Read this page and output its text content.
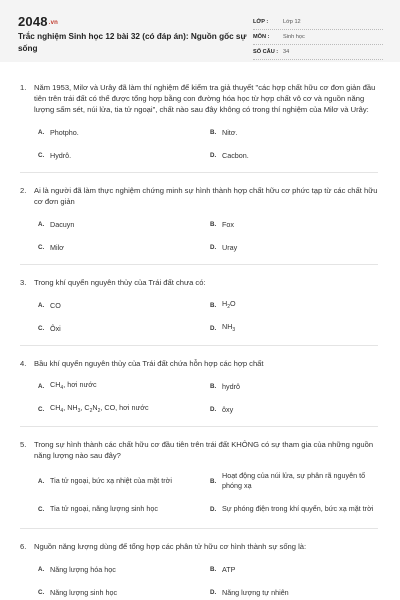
2048.vn
Trắc nghiệm Sinh học 12 bài 32 (có đáp án): Nguồn gốc sự sống
LỚP :	Lớp 12
MÔN :	Sinh học
SỐ CÂU : 34
1.	Năm 1953, Milơ và Urây đã làm thí nghiệm để kiểm tra giả thuyết "các hợp chất hữu cơ đơn giản đầu tiên trên trái đất có thể được tổng hợp bằng con đường hóa học từ hợp chất vô cơ và nguồn năng lượng sấm sét, núi lửa, tia tử ngoại", chất nào sau đây không có trong thí nghiệm của Milơ và Urây:
A. Photpho.	B. Nitơ.
C. Hydrô.	D. Cacbon.
2.	Ai là người đã làm thực nghiệm chứng minh sự hình thành hợp chất hữu cơ phức tạp từ các chất hữu cơ đơn giản
A. Dacuyn	B. Fox
C. Milơ	D. Uray
3.	Trong khí quyển nguyên thủy của Trái đất chưa có:
A. CO	B. $H_2O$
C. Ôxi	D. $NH_3$
4.	Bầu khí quyển nguyên thủy của Trái đất chứa hỗn hợp các hợp chất
A. $CH_4$, hơi nước	B. hydrô
C. $CH_4$, $NH_3$, $C_2N_2$, CO, hơi nước	D. ôxy
5.	Trong sự hình thành các chất hữu cơ đầu tiên trên trái đất KHÔNG có sự tham gia của những nguồn năng lượng nào sau đây?
A. Tia tử ngoại, bức xạ nhiệt của mặt trời	B.
Hoạt động của núi lửa, sự phân rã nguyên tố phóng xạ
C. Tia tử ngoại, năng lượng sinh học	D. Sự phóng điện trong khí quyển, bức xạ mặt trời
6.	Nguồn năng lượng dùng để tổng hợp các phân tử hữu cơ hình thành sự sống là:
A. Năng lượng hóa học	B. ATP
C. Năng lượng sinh học	D. Năng lượng tự nhiên
